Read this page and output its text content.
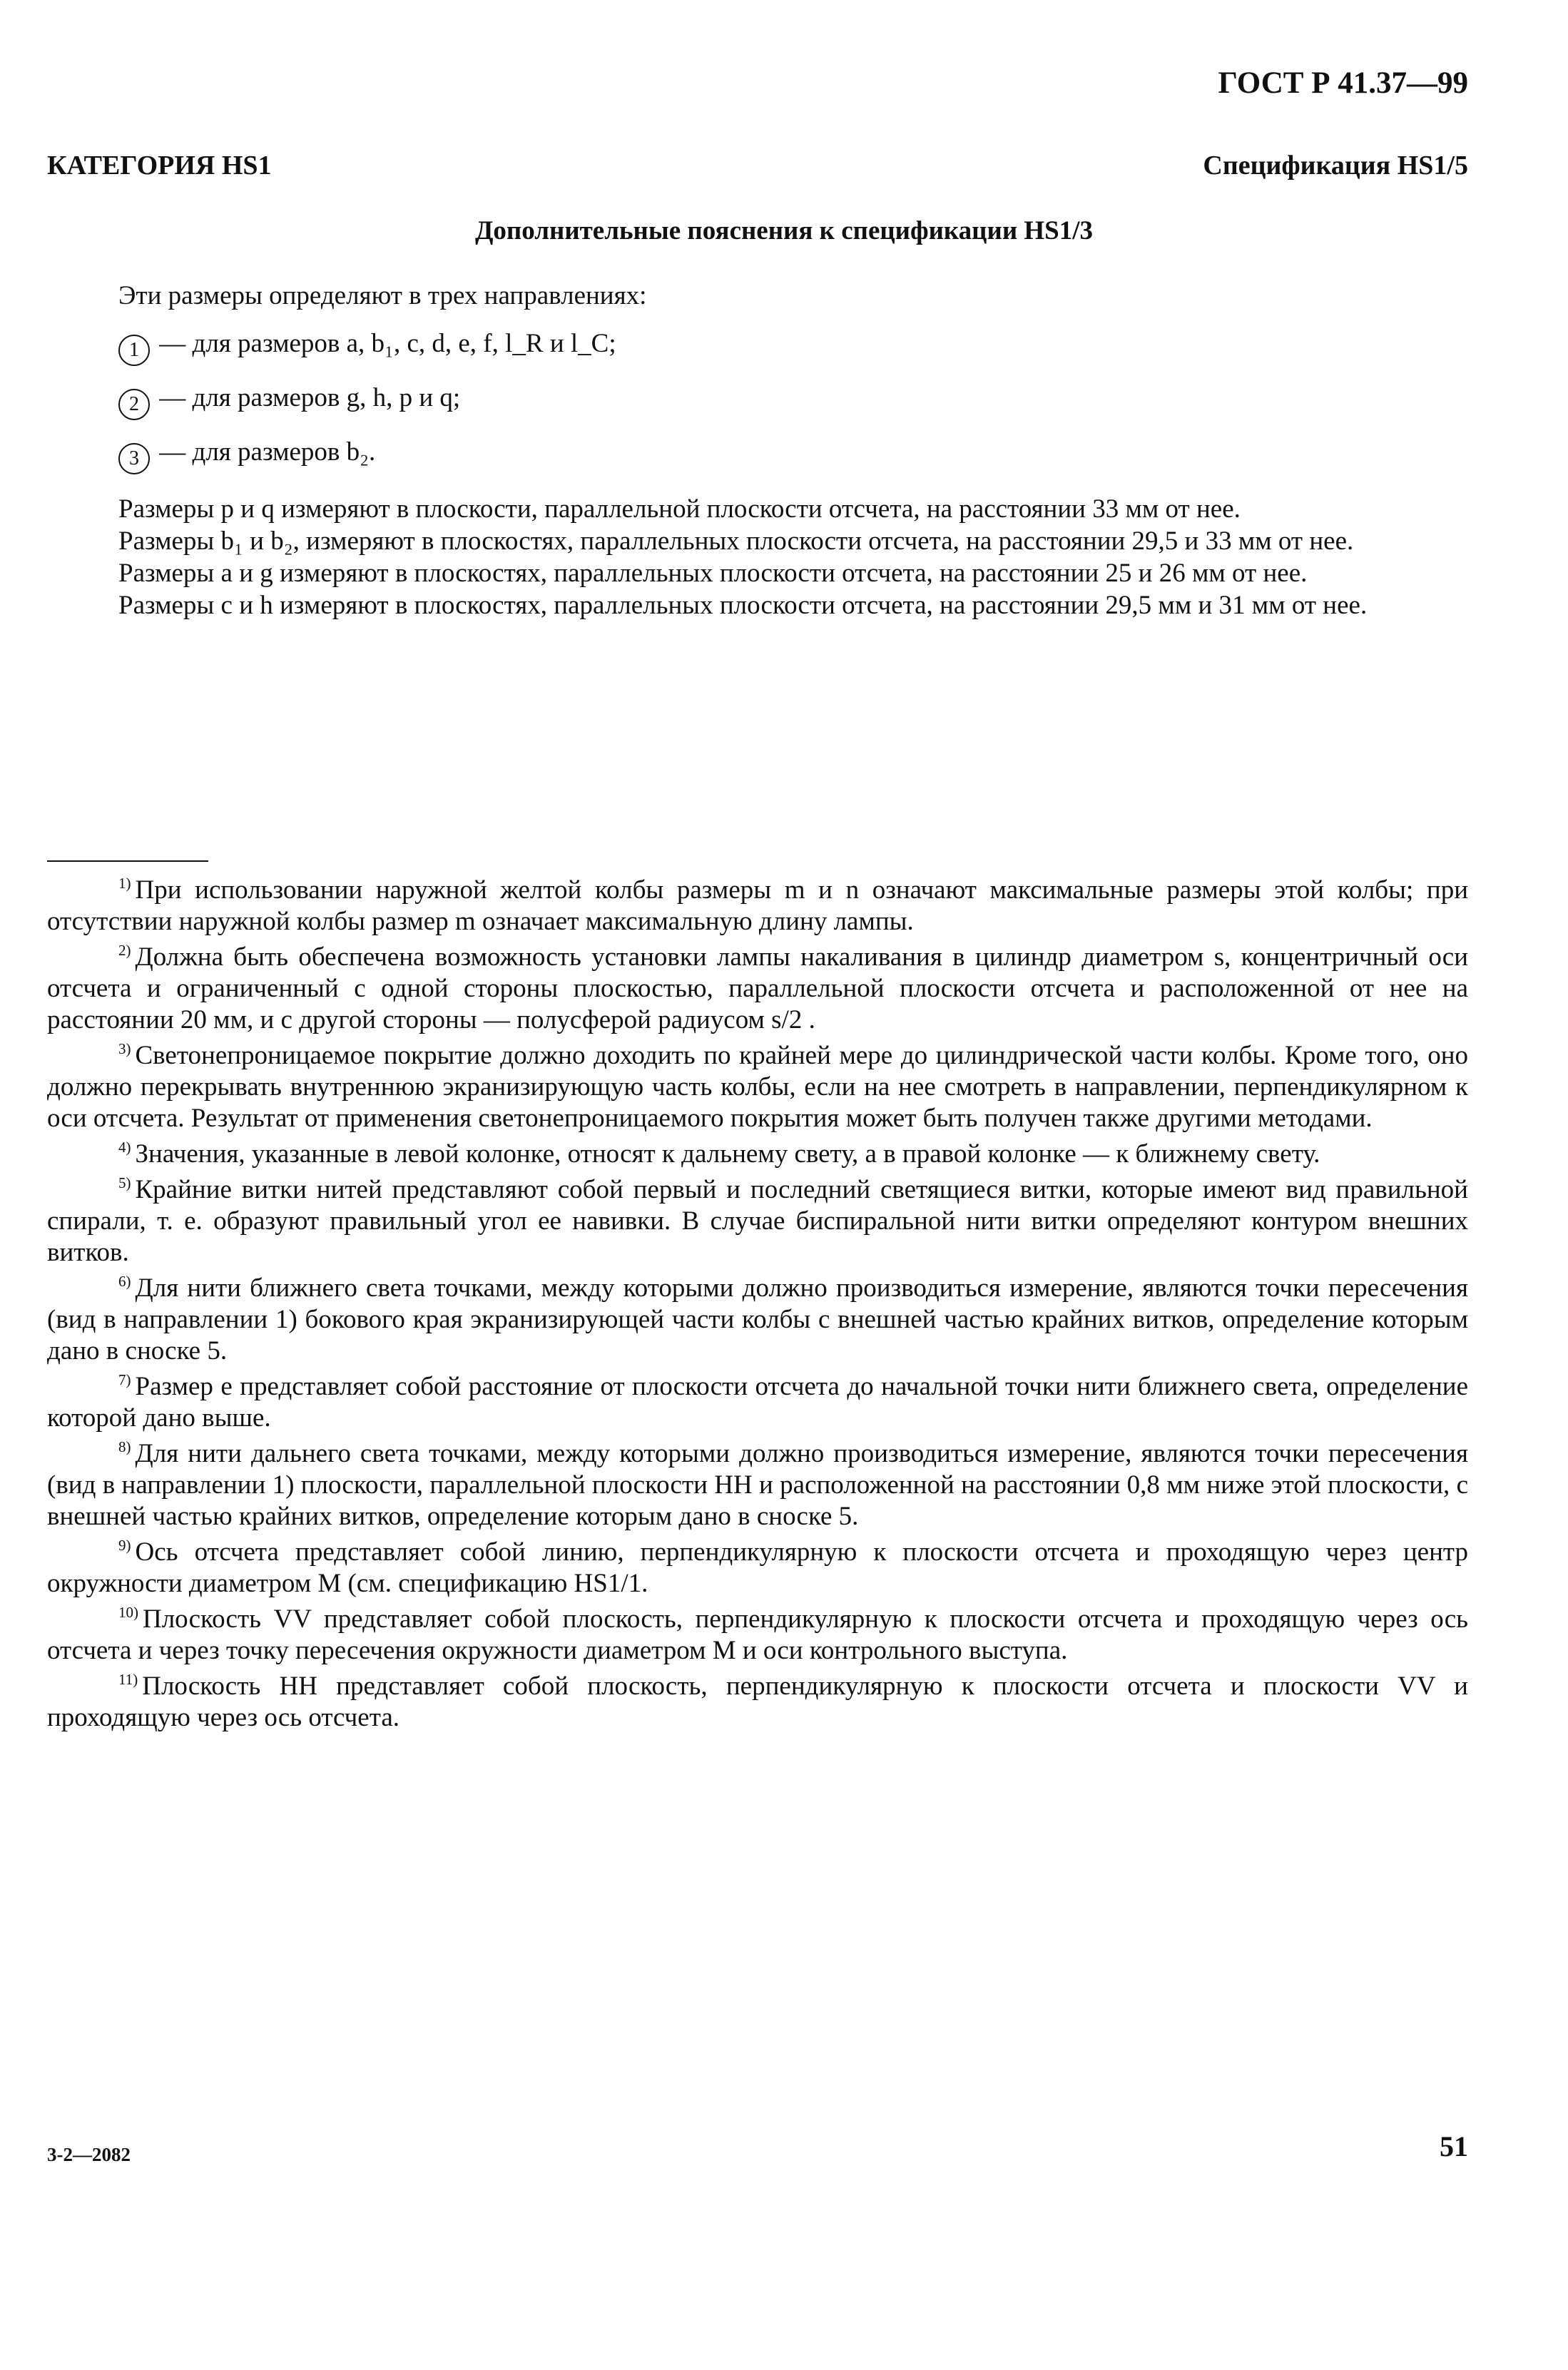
ГОСТ Р 41.37—99
КАТЕГОРИЯ HS1	Спецификация HS1/5
Дополнительные пояснения к спецификации HS1/3

Эти размеры определяют в трех направлениях:

1 — для размеров a, b₁, c, d, e, f, l_R и l_C;

2 — для размеров g, h, p и q;

3 — для размеров b₂.

Размеры p и q измеряют в плоскости, параллельной плоскости отсчета, на расстоянии 33 мм от нее.

Размеры b₁ и b₂, измеряют в плоскостях, параллельных плоскости отсчета, на расстоянии 29,5 и 33 мм от нее.

Размеры a и g измеряют в плоскостях, параллельных плоскости отсчета, на расстоянии 25 и 26 мм от нее.

Размеры c и h измеряют в плоскостях, параллельных плоскости отсчета, на расстоянии 29,5 мм и 31 мм от нее.

$^{1)}$ При использовании наружной желтой колбы размеры m и n означают максимальные размеры этой колбы; при отсутствии наружной колбы размер m означает максимальную длину лампы.

$^{2)}$ Должна быть обеспечена возможность установки лампы накаливания в цилиндр диаметром s, концентричный оси отсчета и ограниченный с одной стороны плоскостью, параллельной плоскости отсчета и расположенной от нее на расстоянии 20 мм, и с другой стороны — полусферой радиусом s/2 .

$^{3)}$ Светонепроницаемое покрытие должно доходить по крайней мере до цилиндрической части колбы. Кроме того, оно должно перекрывать внутреннюю экранизирующую часть колбы, если на нее смотреть в направлении, перпендикулярном к оси отсчета. Результат от применения светонепроницаемого покрытия может быть получен также другими методами.

$^{4)}$ Значения, указанные в левой колонке, относят к дальнему свету, а в правой колонке — к ближнему свету.

$^{5)}$ Крайние витки нитей представляют собой первый и последний светящиеся витки, которые имеют вид правильной спирали, т. е. образуют правильный угол ее навивки. В случае биспиральной нити витки определяют контуром внешних витков.

$^{6)}$ Для нити ближнего света точками, между которыми должно производиться измерение, являются точки пересечения (вид в направлении 1) бокового края экранизирующей части колбы с внешней частью крайних витков, определение которым дано в сноске 5.

$^{7)}$ Размер e представляет собой расстояние от плоскости отсчета до начальной точки нити ближнего света, определение которой дано выше.

$^{8)}$ Для нити дальнего света точками, между которыми должно производиться измерение, являются точки пересечения (вид в направлении 1) плоскости, параллельной плоскости HH и расположенной на расстоянии 0,8 мм ниже этой плоскости, с внешней частью крайних витков, определение которым дано в сноске 5.

$^{9)}$ Ось отсчета представляет собой линию, перпендикулярную к плоскости отсчета и проходящую через центр окружности диаметром М (см. спецификацию HS1/1.

$^{10)}$ Плоскость VV представляет собой плоскость, перпендикулярную к плоскости отсчета и проходящую через ось отсчета и через точку пересечения окружности диаметром M и оси контрольного выступа.

$^{11)}$ Плоскость HH представляет собой плоскость, перпендикулярную к плоскости отсчета и плоскости VV и проходящую через ось отсчета.

3-2—2082	51
